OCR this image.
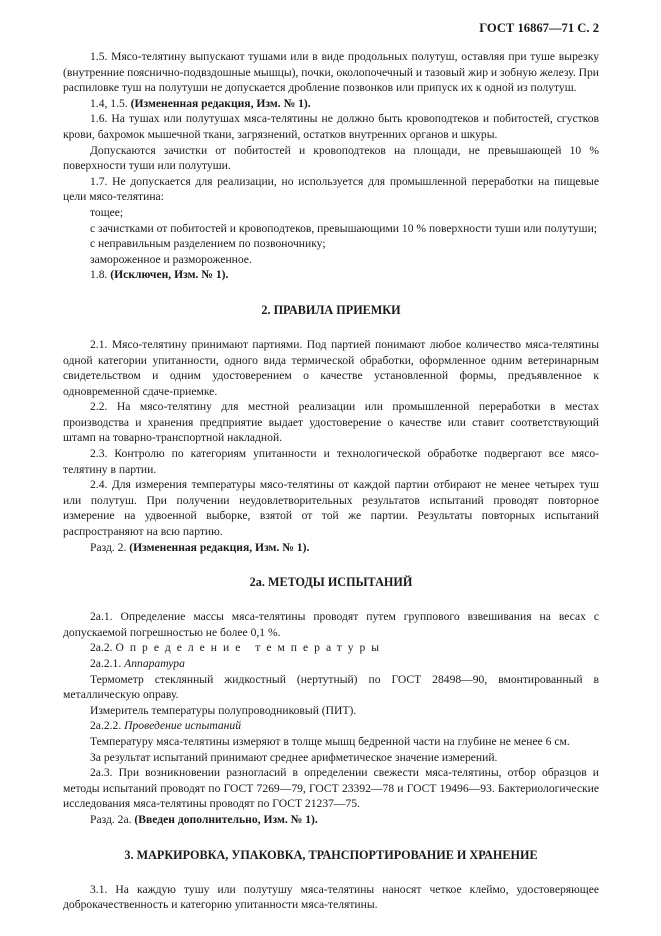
ГОСТ 16867—71 С. 2

1.5. Мясо-телятину выпускают тушами или в виде продольных полутуш, оставляя при туше вырезку (внутренние поясничнo-подвздошные мышцы), почки, околопочечный и тазовый жир и зобную железу. При распиловке туш на полутуши не допускается дробление позвонков или припуск их к одной из полутуш.

1.4, 1.5. (Измененная редакция, Изм. № 1).

1.6. На тушах или полутушах мяса-телятины не должно быть кровоподтеков и побитостей, сгустков крови, бахромок мышечной ткани, загрязнений, остатков внутренних органов и шкуры.

Допускаются зачистки от побитостей и кровоподтеков на площади, не превышающей 10 % поверхности туши или полутуши.

1.7. Не допускается для реализации, но используется для промышленной переработки на пищевые цели мясо-телятина:

тощее;

с зачистками от побитостей и кровоподтеков, превышающими 10 % поверхности туши или полутуши;

с неправильным разделением по позвоночнику;

замороженное и размороженное.

1.8. (Исключен, Изм. № 1).

2. ПРАВИЛА ПРИЕМКИ

2.1. Мясо-телятину принимают партиями. Под партией понимают любое количество мяса-телятины одной категории упитанности, одного вида термической обработки, оформленное одним ветеринарным свидетельством и одним удостоверением о качестве установленной формы, предъявленное к одновременной сдаче-приемке.

2.2. На мясо-телятину для местной реализации или промышленной переработки в местах производства и хранения предприятие выдает удостоверение о качестве или ставит соответствующий штамп на товарно-транспортной накладной.

2.3. Контролю по категориям упитанности и технологической обработке подвергают все мясо-телятину в партии.

2.4. Для измерения температуры мясо-телятины от каждой партии отбирают не менее четырех туш или полутуш. При получении неудовлетворительных результатов испытаний проводят повторное измерение на удвоенной выборке, взятой от той же партии. Результаты повторных испытаний распространяют на всю партию.

Разд. 2. (Измененная редакция, Изм. № 1).

2а. МЕТОДЫ ИСПЫТАНИЙ

2а.1. Определение массы мяса-телятины проводят путем группового взвешивания на весах с допускаемой погрешностью не более 0,1 %.

2а.2. Определение температуры

2а.2.1. Аппаратура

Термометр стеклянный жидкостный (нертутный) по ГОСТ 28498—90, вмонтированный в металлическую оправу.

Измеритель температуры полупроводниковый (ПИТ).

2а.2.2. Проведение испытаний

Температуру мяса-телятины измеряют в толще мышц бедренной части на глубине не менее 6 см.

За результат испытаний принимают среднее арифметическое значение измерений.

2а.3. При возникновении разногласий в определении свежести мяса-телятины, отбор образцов и методы испытаний проводят по ГОСТ 7269—79, ГОСТ 23392—78 и ГОСТ 19496—93. Бактериологические исследования мяса-телятины проводят по ГОСТ 21237—75.

Разд. 2а. (Введен дополнительно, Изм. № 1).

3. МАРКИРОВКА, УПАКОВКА, ТРАНСПОРТИРОВАНИЕ И ХРАНЕНИЕ

3.1. На каждую тушу или полутушу мяса-телятины наносят четкое клеймо, удостоверяющее доброкачественность и категорию упитанности мяса-телятины.
